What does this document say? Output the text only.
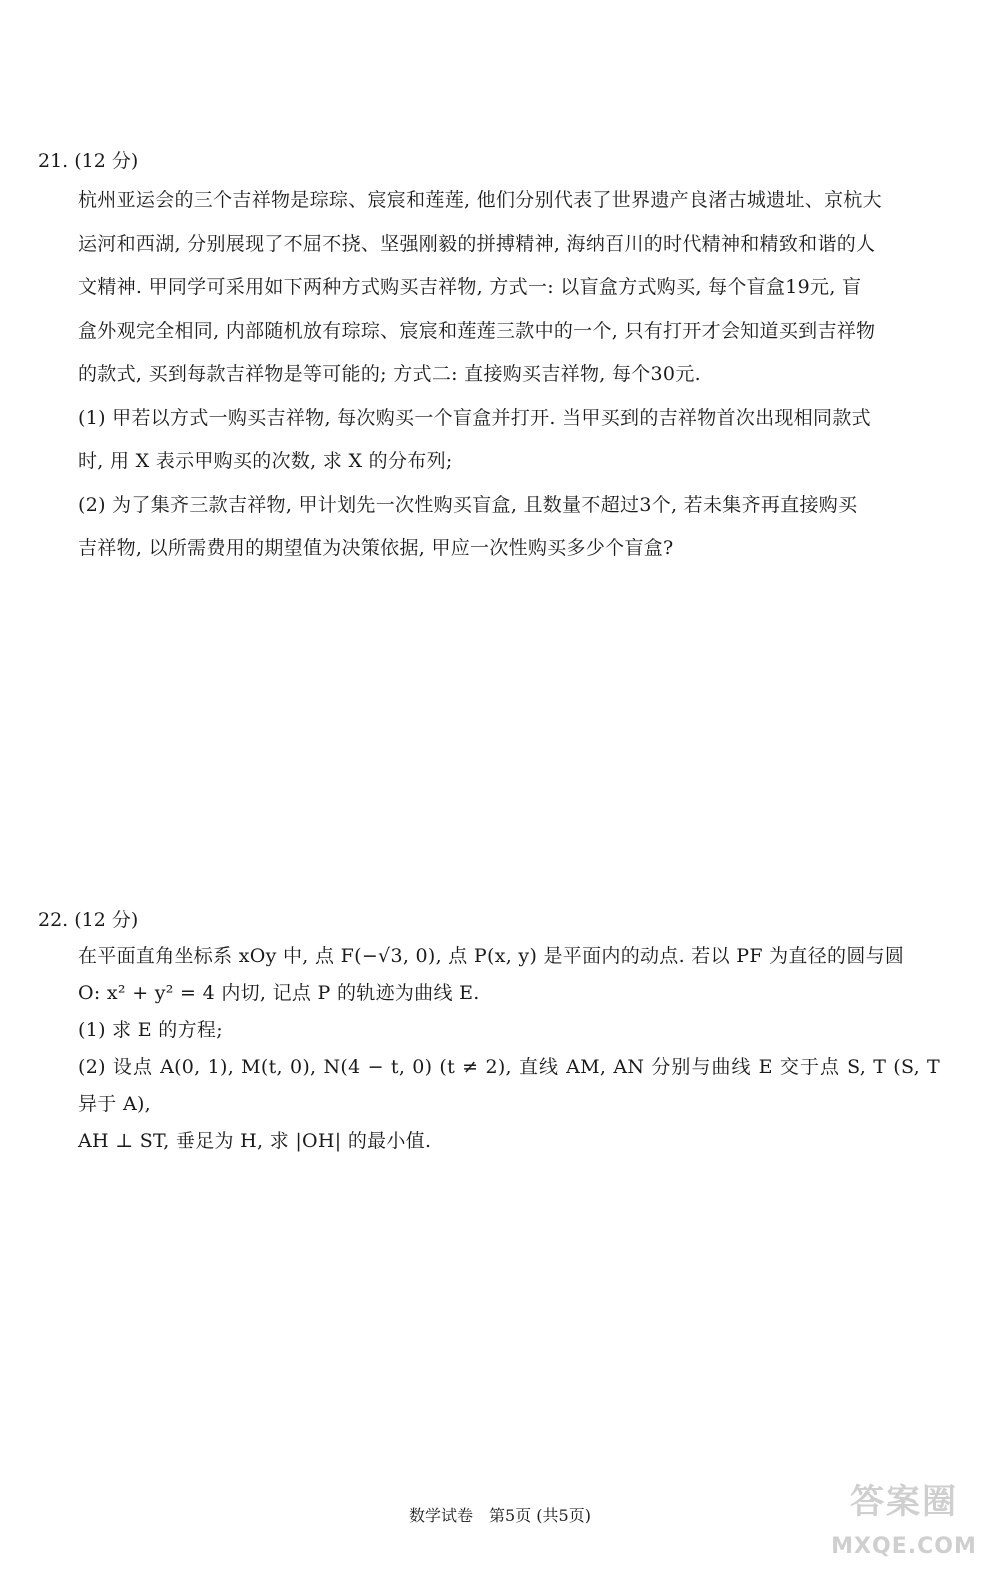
21. (12 分)

杭州亚运会的三个吉祥物是琮琮、宸宸和莲莲, 他们分别代表了世界遗产良渚古城遗址、京杭大

运河和西湖, 分别展现了不屈不挠、坚强刚毅的拼搏精神, 海纳百川的时代精神和精致和谐的人

文精神. 甲同学可采用如下两种方式购买吉祥物, 方式一: 以盲盒方式购买, 每个盲盒19元, 盲

盒外观完全相同, 内部随机放有琮琮、宸宸和莲莲三款中的一个, 只有打开才会知道买到吉祥物

的款式, 买到每款吉祥物是等可能的; 方式二: 直接购买吉祥物, 每个30元.

(1) 甲若以方式一购买吉祥物, 每次购买一个盲盒并打开. 当甲买到的吉祥物首次出现相同款式

时, 用 X 表示甲购买的次数, 求 X 的分布列;

(2) 为了集齐三款吉祥物, 甲计划先一次性购买盲盒, 且数量不超过3个, 若未集齐再直接购买

吉祥物, 以所需费用的期望值为决策依据, 甲应一次性购买多少个盲盒?

22. (12 分)

在平面直角坐标系 xOy 中, 点 F(−√3, 0), 点 P(x, y) 是平面内的动点. 若以 PF 为直径的圆与圆

O: x² + y² = 4 内切, 记点 P 的轨迹为曲线 E.

(1) 求 E 的方程;

(2) 设点 A(0, 1), M(t, 0), N(4 − t, 0) (t ≠ 2), 直线 AM, AN 分别与曲线 E 交于点 S, T (S, T 异于 A),

AH ⊥ ST, 垂足为 H, 求 |OH| 的最小值.

数学试卷　第5页 (共5页)	答案圈
MXQE.COM
